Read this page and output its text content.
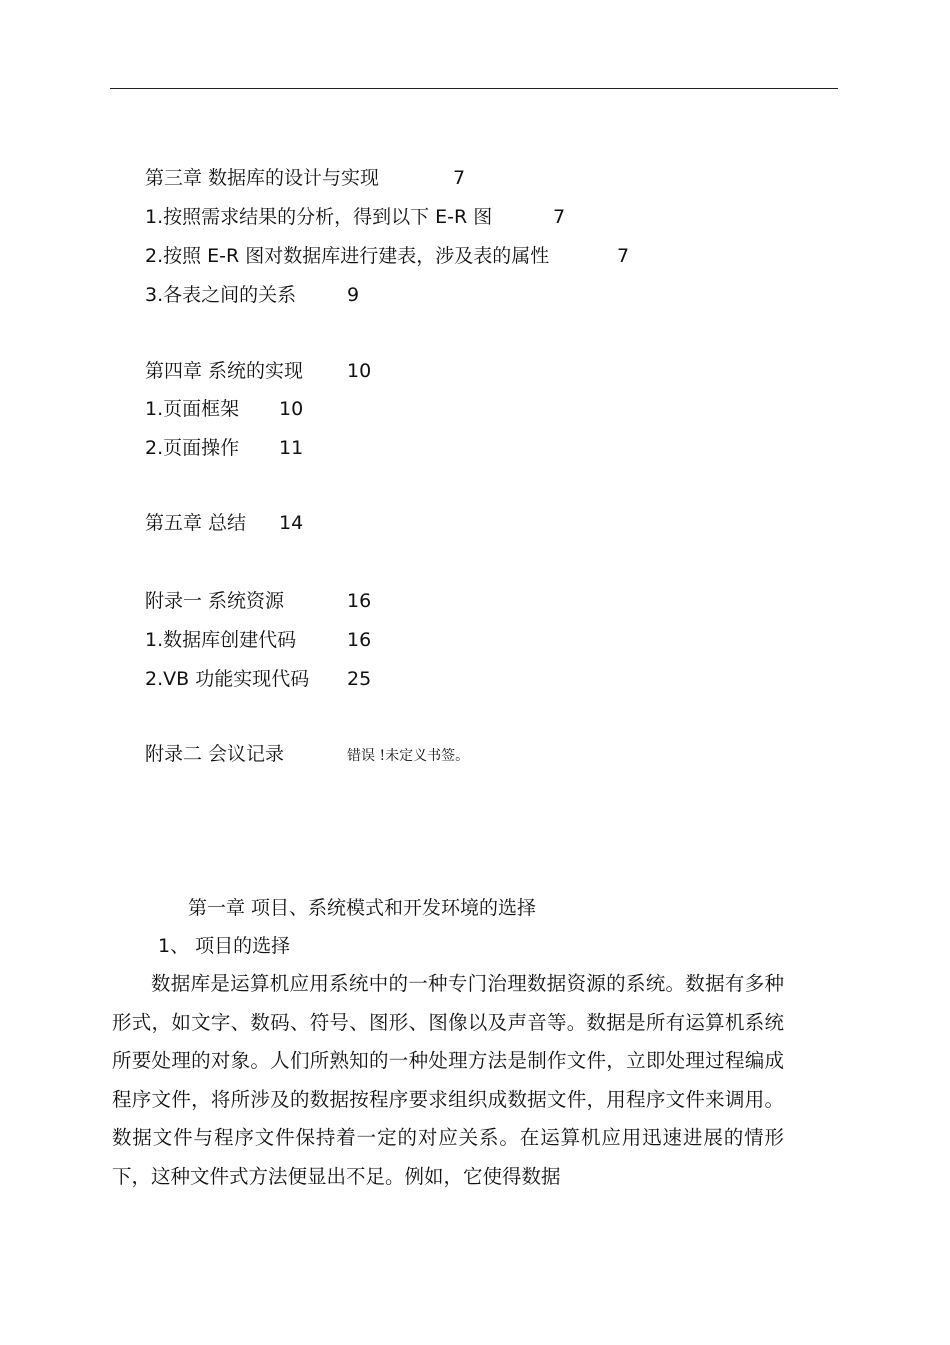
第三章 数据库的设计与实现	7
1.按照需求结果的分析，得到以下 E-R 图	7
2.按照 E-R 图对数据库进行建表，涉及表的属性	7
3.各表之间的关系	9
第四章 系统的实现 10
1.页面框架 10
2.页面操作 11
第五章 总结 14
附录一 系统资源	16
1.数据库创建代码	16
2.VB 功能实现代码 25
附录二 会议记录	错误 !未定义书签。
第一章 项目、系统模式和开发环境的选择
1、 项目的选择
数据库是运算机应用系统中的一种专门治理数据资源的系统。数据有多种形式，如文字、数码、符号、图形、图像以及声音等。数据是所有运算机系统所要处理的对象。人们所熟知的一种处理方法是制作文件，立即处理过程编成程序文件，将所涉及的数据按程序要求组织成数据文件，用程序文件来调用。数据文件与程序文件保持着一定的对应关系。在运算机应用迅速进展的情形下，这种文件式方法便显出不足。例如，它使得数据
